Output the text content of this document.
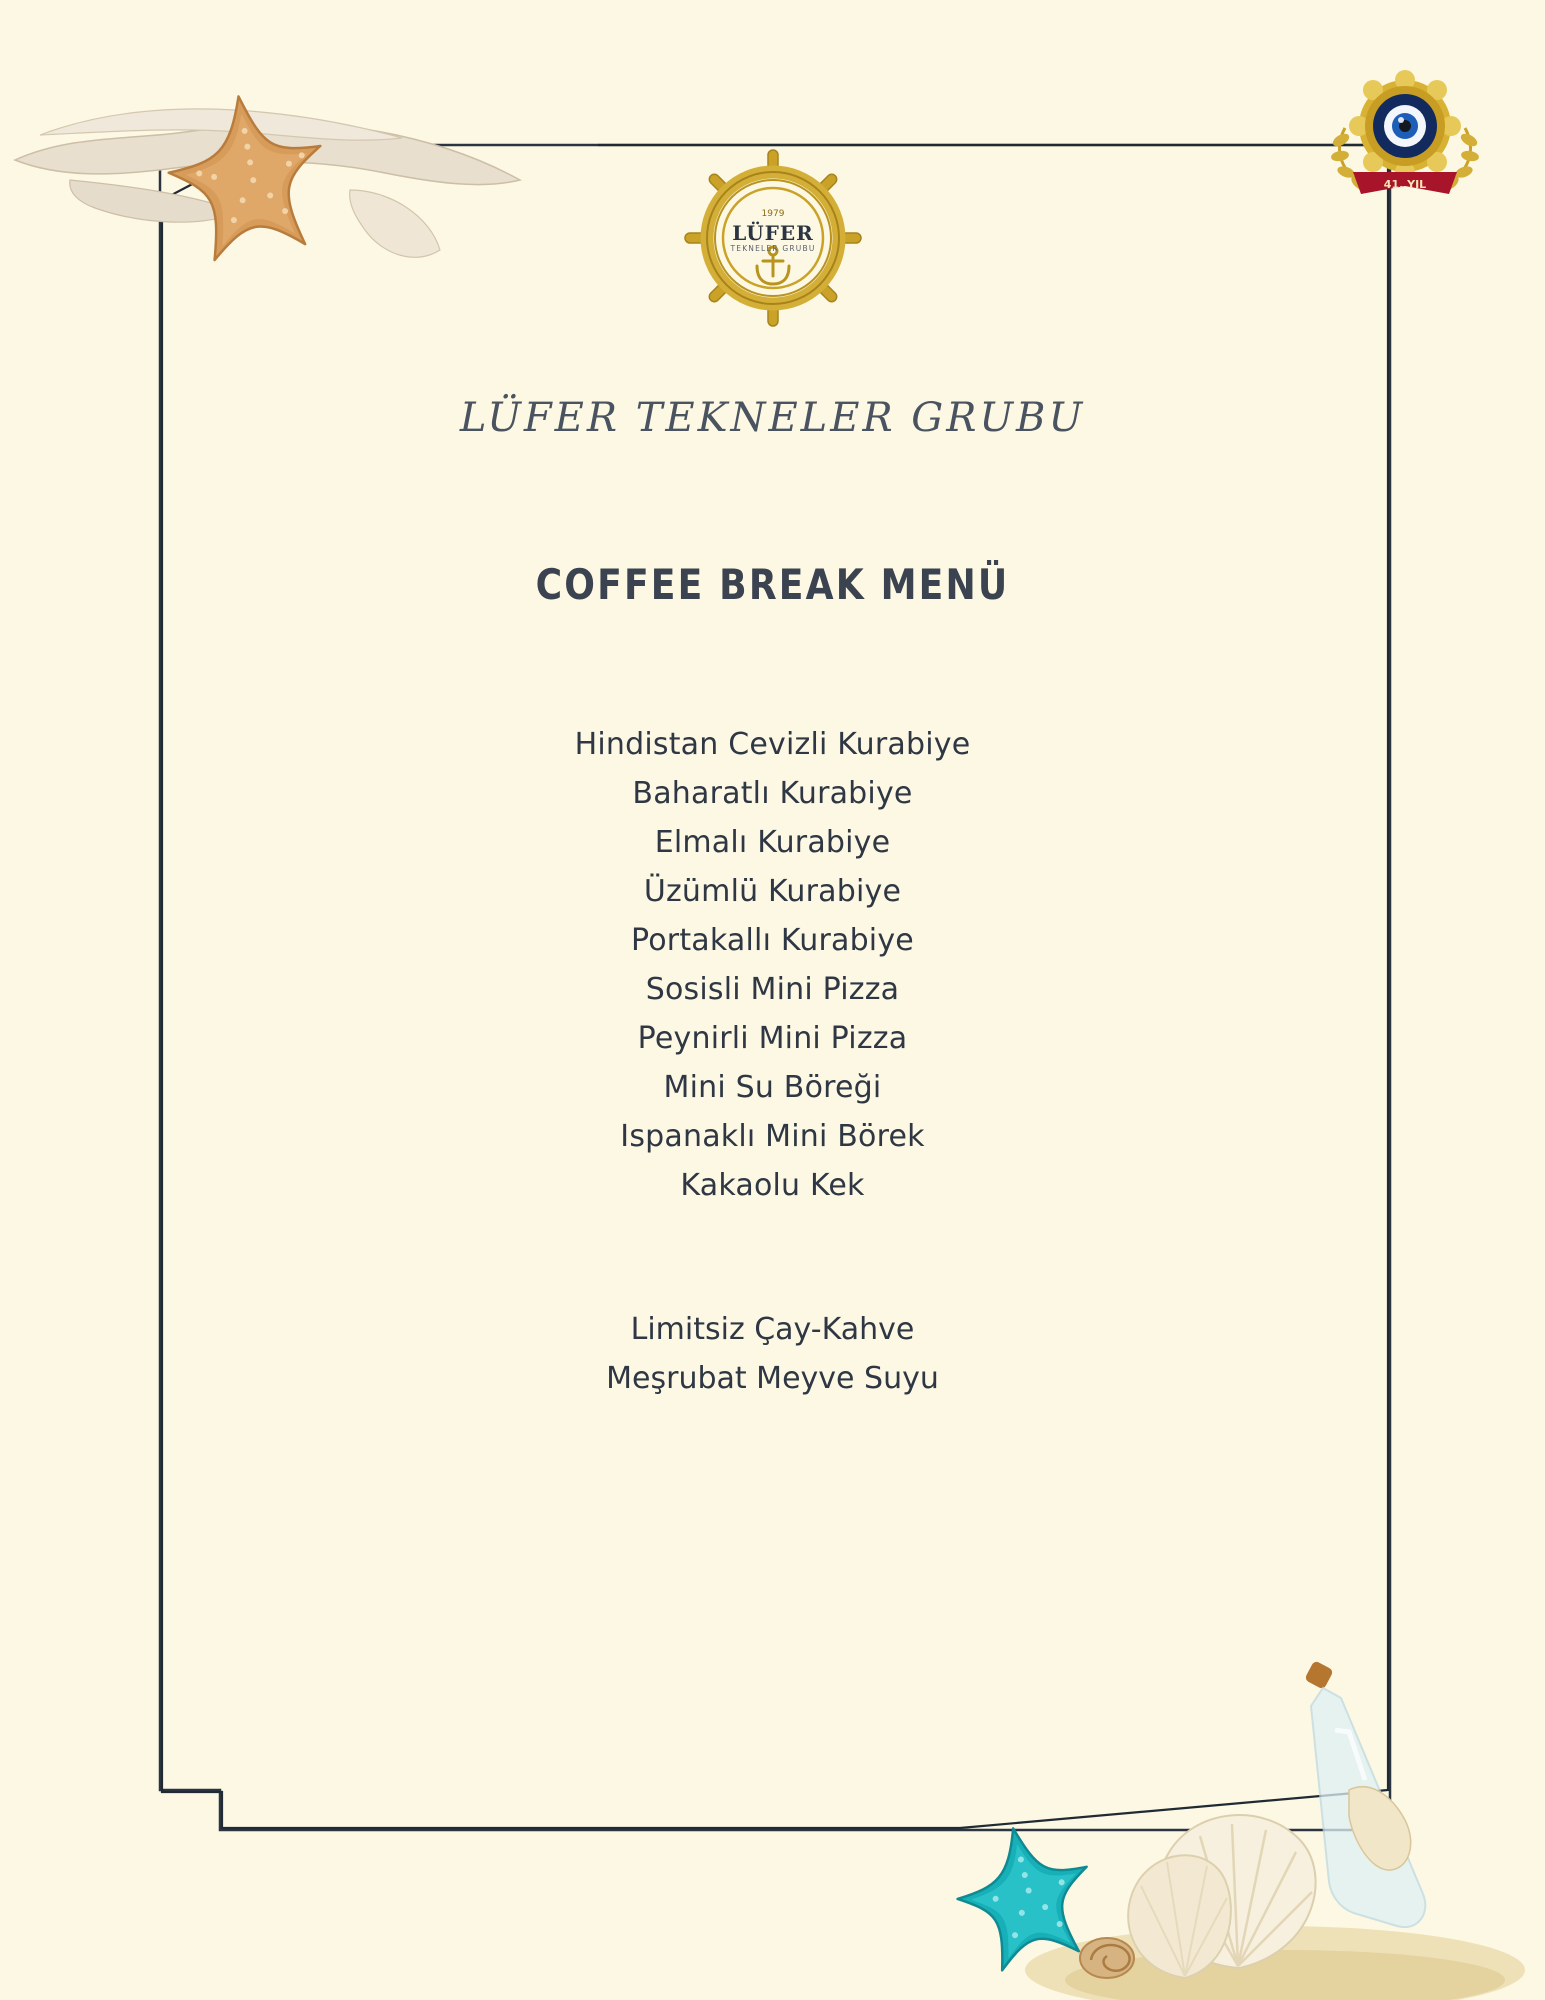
41. YIL
1979
LÜFER
TEKNELER GRUBU
LÜFER TEKNELER GRUBU
COFFEE BREAK MENÜ
Hindistan Cevizli Kurabiye
Baharatlı Kurabiye
Elmalı Kurabiye
Üzümlü Kurabiye
Portakallı Kurabiye
Sosisli Mini Pizza
Peynirli Mini Pizza
Mini Su Böreği
Ispanaklı Mini Börek
Kakaolu Kek
Limitsiz Çay-Kahve
Meşrubat Meyve Suyu
